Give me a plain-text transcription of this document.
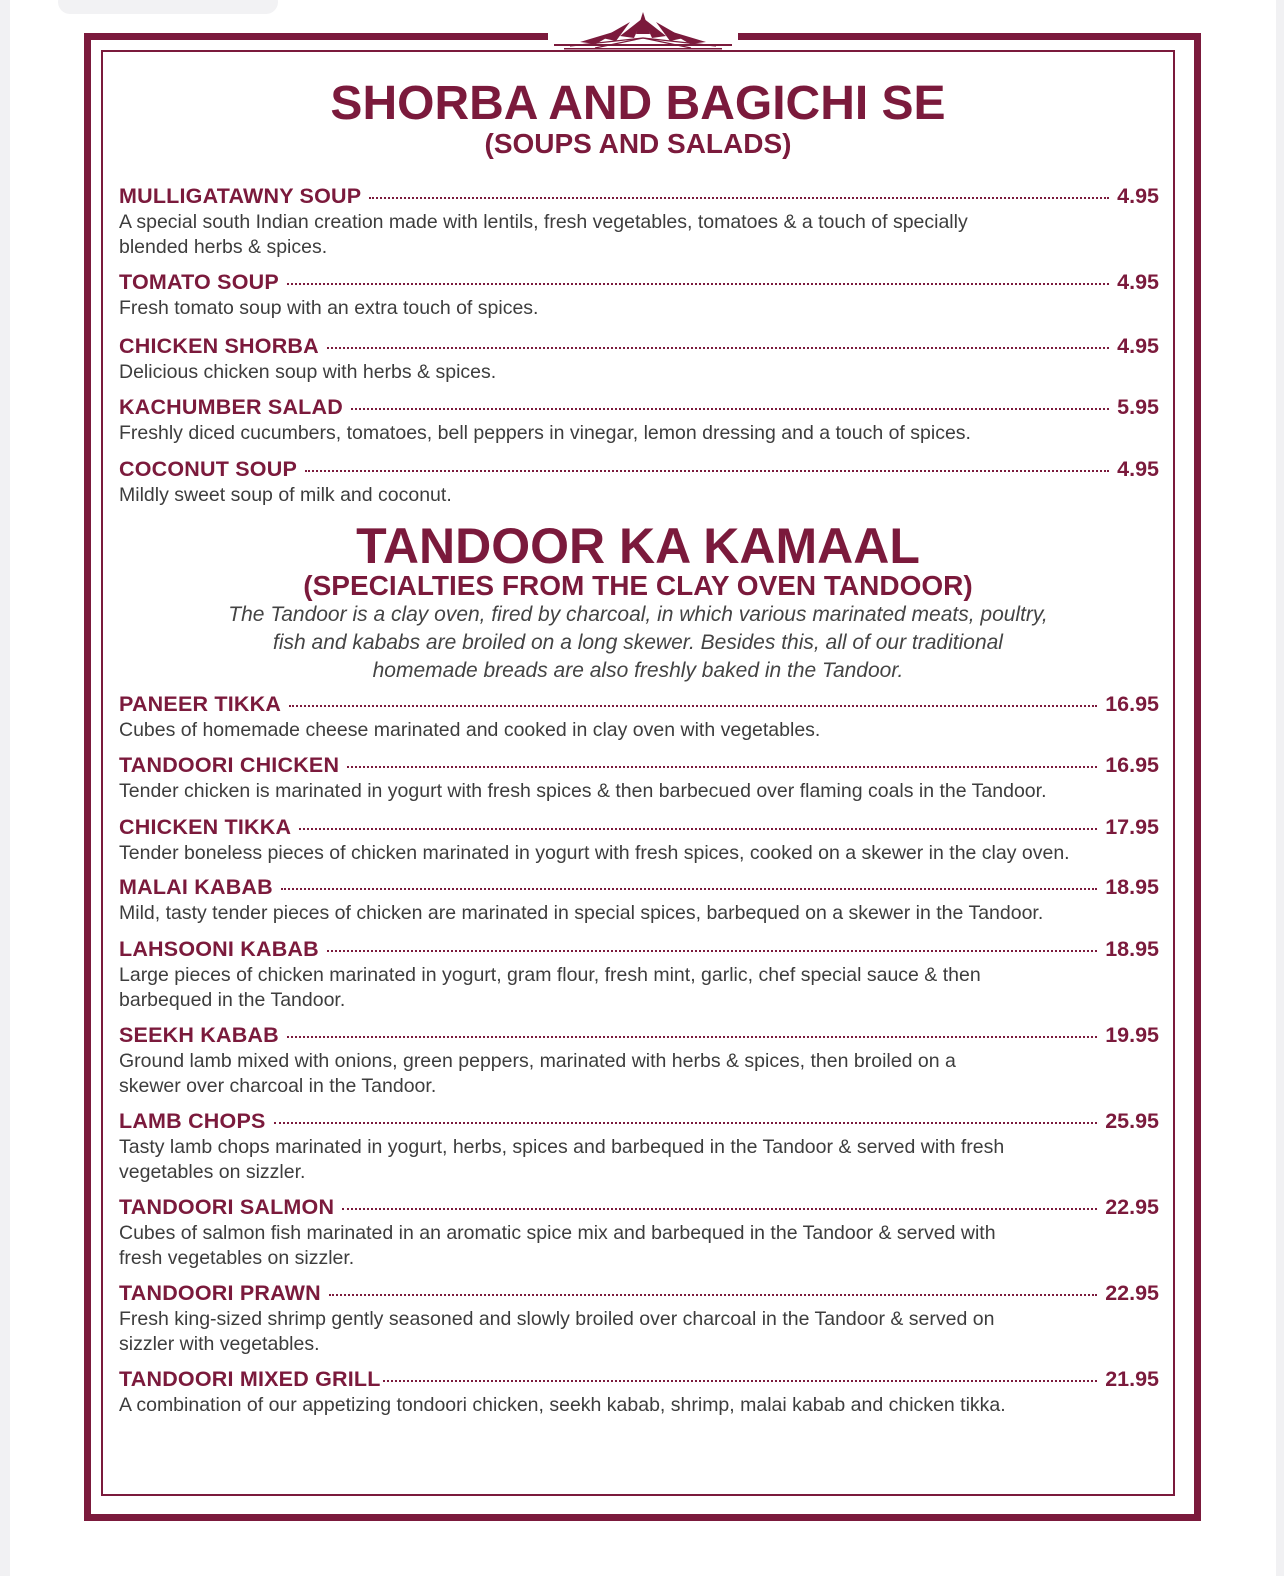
SHORBA AND BAGICHI SE
(SOUPS AND SALADS)
MULLIGATAWNY SOUP	4.95

A special south Indian creation made with lentils, fresh vegetables, tomatoes & a touch of specially blended herbs & spices.

TOMATO SOUP	4.95

Fresh tomato soup with an extra touch of spices.

CHICKEN SHORBA	4.95

Delicious chicken soup with herbs & spices.

KACHUMBER SALAD	5.95

Freshly diced cucumbers, tomatoes, bell peppers in vinegar, lemon dressing and a touch of spices.

COCONUT SOUP	4.95

Mildly sweet soup of milk and coconut.

TANDOOR KA KAMAAL
(SPECIALTIES FROM THE CLAY OVEN TANDOOR)

The Tandoor is a clay oven, fired by charcoal, in which various marinated meats, poultry,

fish and kababs are broiled on a long skewer. Besides this, all of our traditional

homemade breads are also freshly baked in the Tandoor.

PANEER TIKKA	16.95

Cubes of homemade cheese marinated and cooked in clay oven with vegetables.

TANDOORI CHICKEN	16.95

Tender chicken is marinated in yogurt with fresh spices & then barbecued over flaming coals in the Tandoor.

CHICKEN TIKKA	17.95

Tender boneless pieces of chicken marinated in yogurt with fresh spices, cooked on a skewer in the clay oven.

MALAI KABAB	18.95

Mild, tasty tender pieces of chicken are marinated in special spices, barbequed on a skewer in the Tandoor.

LAHSOONI KABAB	18.95

Large pieces of chicken marinated in yogurt, gram flour, fresh mint, garlic, chef special sauce & then barbequed in the Tandoor.

SEEKH KABAB	19.95

Ground lamb mixed with onions, green peppers, marinated with herbs & spices, then broiled on a skewer over charcoal in the Tandoor.

LAMB CHOPS	25.95

Tasty lamb chops marinated in yogurt, herbs, spices and barbequed in the Tandoor & served with fresh vegetables on sizzler.

TANDOORI SALMON	22.95

Cubes of salmon fish marinated in an aromatic spice mix and barbequed in the Tandoor & served with fresh vegetables on sizzler.

TANDOORI PRAWN	22.95

Fresh king-sized shrimp gently seasoned and slowly broiled over charcoal in the Tandoor & served on sizzler with vegetables.

TANDOORI MIXED GRILL	21.95

A combination of our appetizing tondoori chicken, seekh kabab, shrimp, malai kabab and chicken tikka.
